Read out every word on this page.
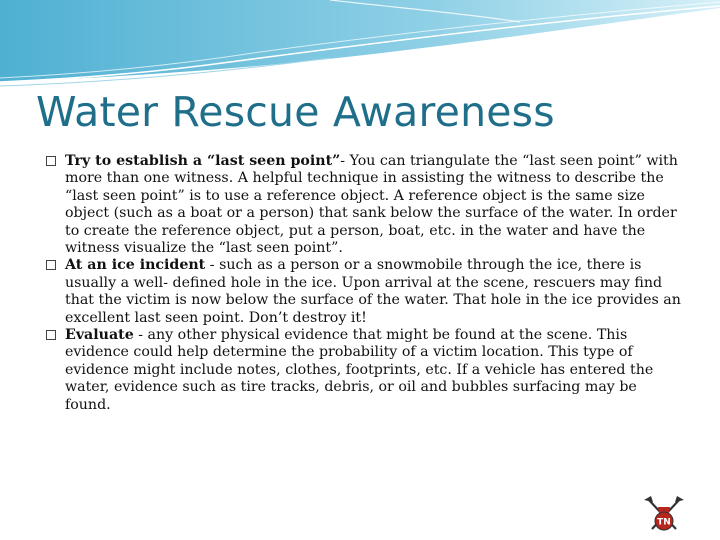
Water Rescue Awareness
Try to establish a “last seen point”- You can triangulate the “last seen point” with more than one witness. A helpful technique in assisting the witness to describe the “last seen point” is to use a reference object. A reference object is the same size object (such as a boat or a person) that sank below the surface of the water. In order to create the reference object, put a person, boat, etc. in the water and have the witness visualize the “last seen point”.
At an ice incident - such as a person or a snowmobile through the ice, there is usually a well- defined hole in the ice. Upon arrival at the scene, rescuers may find that the victim is now below the surface of the water. That hole in the ice provides an excellent last seen point. Don’t destroy it!
Evaluate - any other physical evidence that might be found at the scene. This evidence could help determine the probability of a victim location. This type of evidence might include notes, clothes, footprints, etc. If a vehicle has entered the water, evidence such as tire tracks, debris, or oil and bubbles surfacing may be found.
TN
